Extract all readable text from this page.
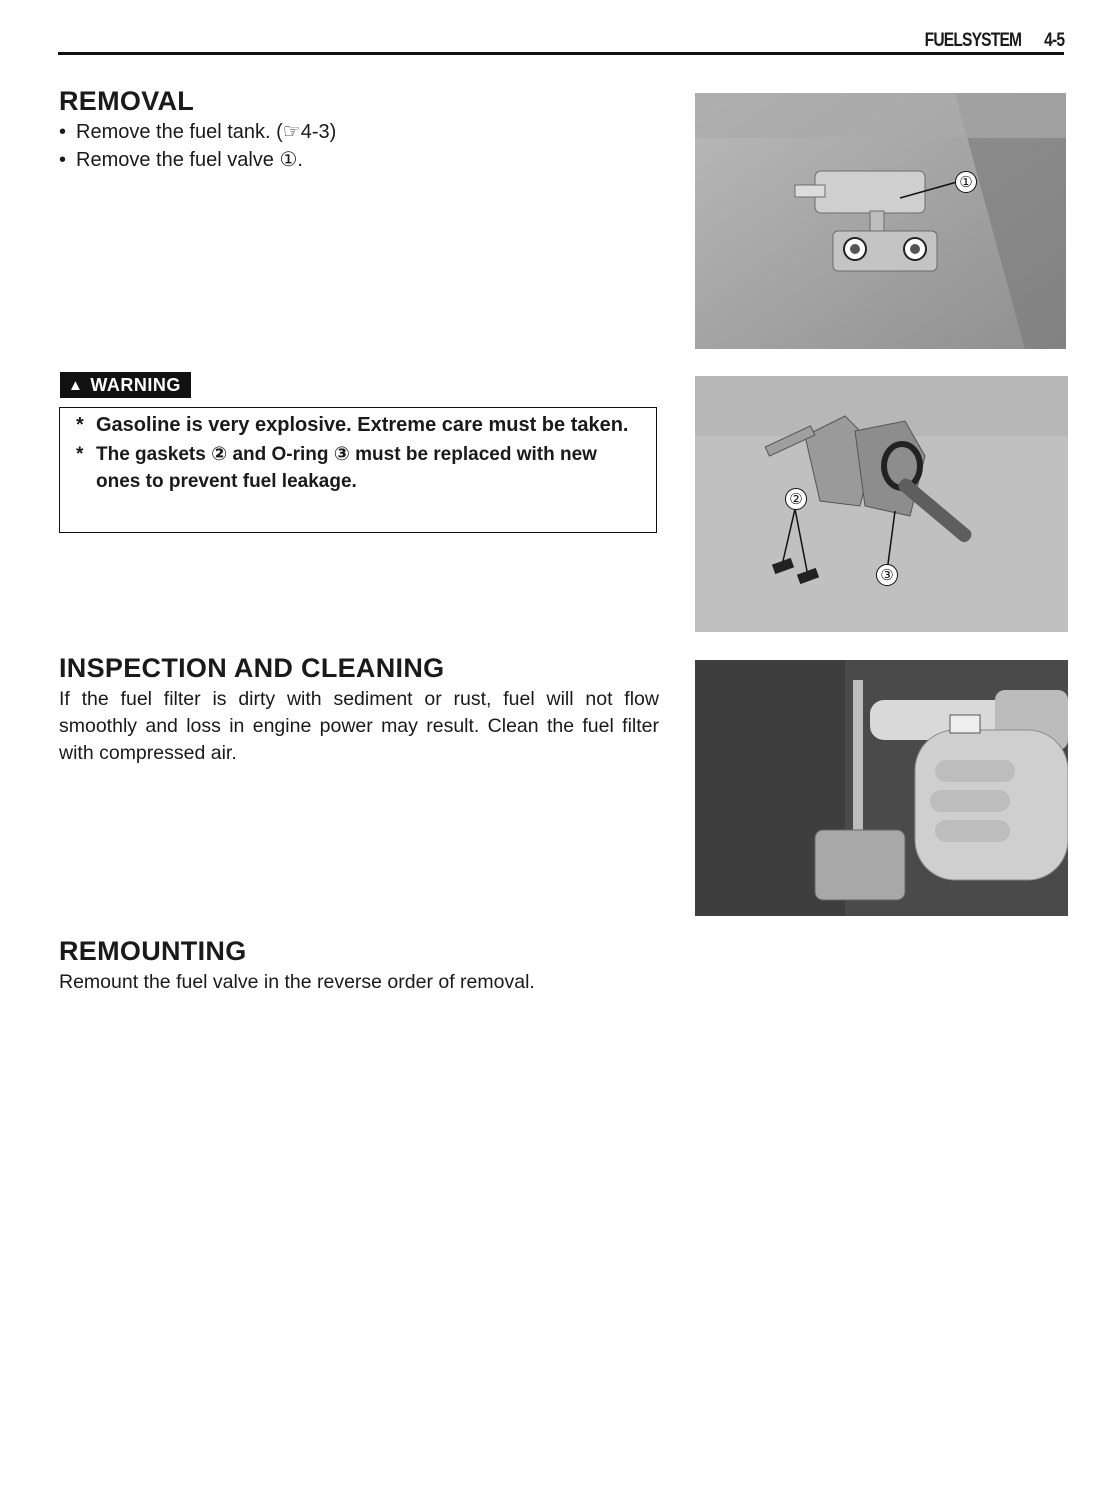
FUELSYSTEM 4-5
REMOVAL
• Remove the fuel tank. (☞4-3)
• Remove the fuel valve ①.
▲ WARNING
* Gasoline is very explosive. Extreme care must be taken.
* The gaskets ② and O-ring ③ must be replaced with new ones to prevent fuel leakage.
INSPECTION AND CLEANING
If the fuel filter is dirty with sediment or rust, fuel will not flow smoothly and loss in engine power may result. Clean the fuel filter with compressed air.
REMOUNTING
Remount the fuel valve in the reverse order of removal.
①
②
③
